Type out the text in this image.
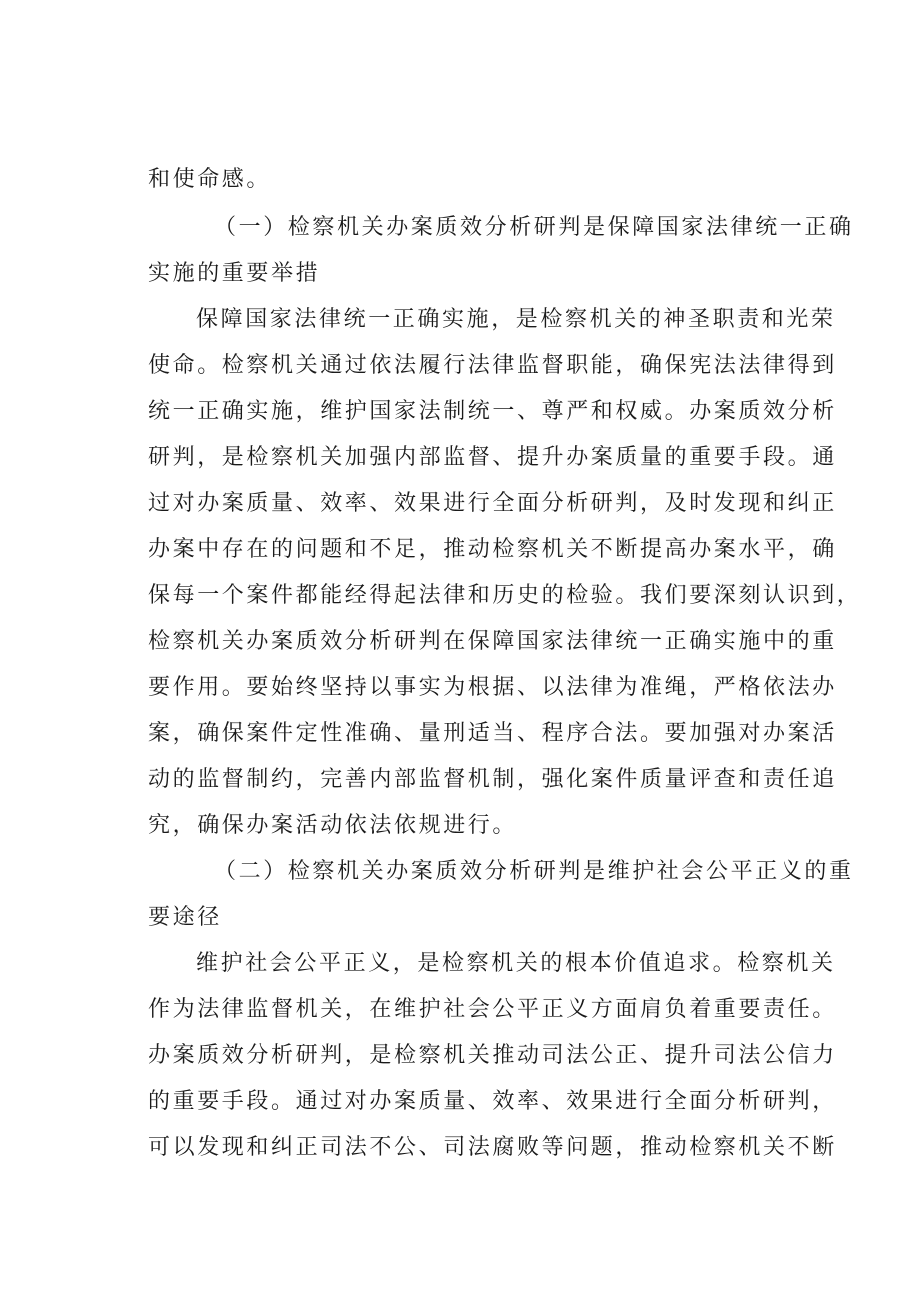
和使命感。
（一）检察机关办案质效分析研判是保障国家法律统一正确
实施的重要举措
保障国家法律统一正确实施，是检察机关的神圣职责和光荣
使命。检察机关通过依法履行法律监督职能，确保宪法法律得到
统一正确实施，维护国家法制统一、尊严和权威。办案质效分析
研判，是检察机关加强内部监督、提升办案质量的重要手段。通
过对办案质量、效率、效果进行全面分析研判，及时发现和纠正
办案中存在的问题和不足，推动检察机关不断提高办案水平，确
保每一个案件都能经得起法律和历史的检验。我们要深刻认识到，
检察机关办案质效分析研判在保障国家法律统一正确实施中的重
要作用。要始终坚持以事实为根据、以法律为准绳，严格依法办
案，确保案件定性准确、量刑适当、程序合法。要加强对办案活
动的监督制约，完善内部监督机制，强化案件质量评查和责任追
究，确保办案活动依法依规进行。
（二）检察机关办案质效分析研判是维护社会公平正义的重
要途径
维护社会公平正义，是检察机关的根本价值追求。检察机关
作为法律监督机关，在维护社会公平正义方面肩负着重要责任。
办案质效分析研判，是检察机关推动司法公正、提升司法公信力
的重要手段。通过对办案质量、效率、效果进行全面分析研判，
可以发现和纠正司法不公、司法腐败等问题，推动检察机关不断
